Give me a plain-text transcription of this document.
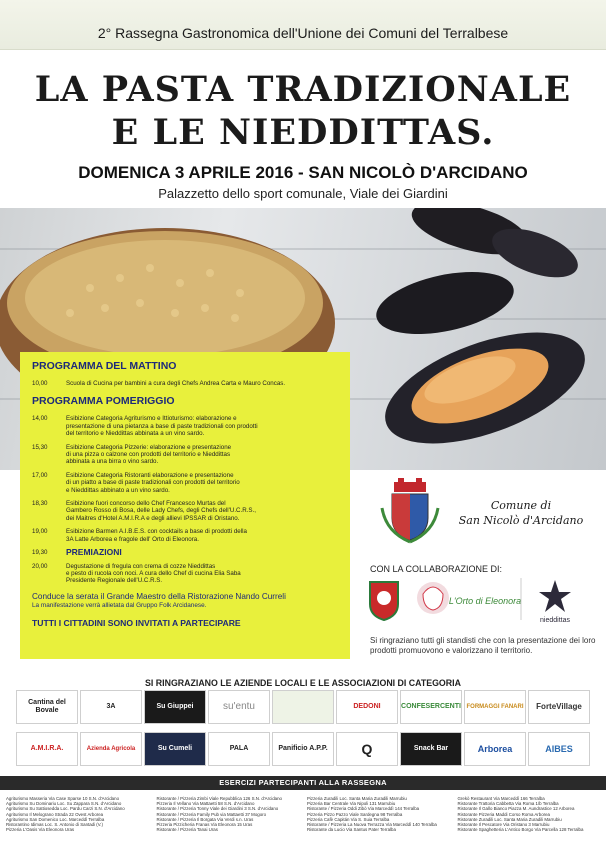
2° Rassegna Gastronomica dell'Unione dei Comuni del Terralbese
LA PASTA TRADIZIONALE
E LE NIEDDITTAS.
DOMENICA 3 APRILE 2016 - SAN NICOLÒ D'ARCIDANO
Palazzetto dello sport comunale, Viale dei Giardini
PROGRAMMA DEL MATTINO
10,00	Scuola di Cucina per bambini a cura degli Chefs Andrea Carta e Mauro Concas.
PROGRAMMA POMERIGGIO
14,00	Esibizione Categoria Agriturismo e Ittioturismo: elaborazione e
presentazione di una pietanza a base di paste tradizionali con prodotti
del territorio e Nieddittas abbinata a un vino sardo.
15,30	Esibizione Categoria Pizzerie: elaborazione e presentazione
di una pizza o calzone con prodotti del territorio e Nieddittas
abbinata a una birra o vino sardo.
17,00	Esibizione Categoria Ristoranti elaborazione e presentazione
di un piatto a base di paste tradizionali con prodotti del territorio
e Nieddittas abbinato a un vino sardo.
18,30	Esibizione fuori concorso dello Chef Francesco Murtas del
Gambero Rosso di Bosa, delle Lady Chefs, degli Chefs dell'U.C.R.S.,
dei Maitres d'Hotel A.M.I.R.A e degli allievi IPSSAR di Oristano.
19,00	Esibizione Barmen A.I.B.E.S. con cocktails a base di prodotti della
3A Latte Arborea e fragole dell' Orto di Eleonora.
19,30	PREMIAZIONI
20,00	Degustazione di fregula con crema di cozze Nieddittas
e pesto di rucola con noci. A cura dello Chef di cucina Elia Saba
Presidente Regionale dell'U.C.R.S.
Conduce la serata il Grande Maestro della Ristorazione Nando Curreli
La manifestazione verrà allietata dal Gruppo Folk Arcidanese.
TUTTI I CITTADINI SONO INVITATI A PARTECIPARE
Comune di
San Nicolò d'Arcidano
CON LA COLLABORAZIONE DI:
L'Orto di Eleonora
nieddittas
Si ringraziano tutti gli standisti che con la presentazione dei loro prodotti promuovono e valorizzano il territorio.
SI RINGRAZIANO LE AZIENDE LOCALI E LE ASSOCIAZIONI DI CATEGORIA
Cantina del Bovale
3A	Su Giuppei	su'entu	DEDONI	CONFESERCENTI FORMAGGI FANARI	ForteVillage
A.M.I.R.A.	Azienda Agricola	Su Cumeli	PALA	Panificio A.P.P.	Q	Snack Bar	Arborea	AIBES
ESERCIZI PARTECIPANTI ALLA RASSEGNA
Agriturismo Masseria Via Case Sparse 10 S.N. d'Arcidano
Agriturismo Su Dominariu Loc. Su Zappara S.N. d'Arcidano
Agriturismo Su Sattiosedda Loc. Pardu Carzi S.N. d'Arcidano
Agriturismo Il Melograno Strada 22 Ovest Arborea
Agriturismo San Domenico Loc. Marceddì Terralba
Ristorantino Idimas Loc. S. Antonio di Santadi (V.)
Pizzeria L'Oasis Via Eleonora Uras
Ristorante / Pizzeria Zimbi Viale Repubblica 126 S.N. d'Arcidano
Pizzeria Il Vellano Via Mattaetti 58 S.N. d'Arcidano
Ristorante / Pizzeria Tonny Viale dei Giardini 3 S.N. d'Arcidano
Ristorante / Pizzeria Family Pub via Mattaetti 37 Mogoro
Ristorante / Pizzeria Il Borgata Via Verdi s.n. Uras
Pizzeria Pizzicheria Franas Via Eleonora 15 Uras
Ristorante / Pizzeria Tanai Uras
Pizzeria Zuradili Loc. Santa Maria Zuradili Marrubiu
Pizzeria Bar Centrale Via Nipoli 131 Marrubiu
Ristorante / Pizzeria Oddi Zibò Via Marceddì 144 Terralba
Pizzeria Pizzo Pazzo Viale Sardegna 98 Terralba
Pizzeria Cafè Capitán Via S. Suia Terralba
Ristorante / Pizzeria La Nuova Terrazza Via Marceddì 140 Terralba
Ristorante da Lucio Via Santus Pater Terralba
Grekò Restaurant Via Marceddì 166 Terralba
Ristorante Trattoria Cabbetta Via Roma 1/b Terralba
Ristorante Il Gallo Bianco Piazza M. Aundrastice 12 Arborea
Ristorante Pizzeria Maddi Corso Roma Arborea
Ristorante Zuradili Loc. Santa Maria Zuradili Marrubiu
Ristorante Il Pescatore Via Oristano 3 Marrubiu
Ristorante Spaghetteria L'Antico Borgo Via Parcella 128 Terralba
